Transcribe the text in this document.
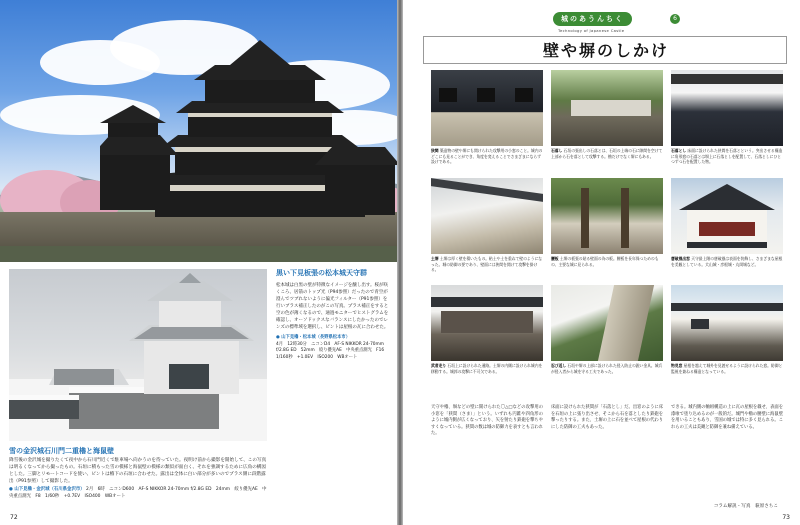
雪の金沢城石川門二重櫓と海鼠壁
降雪後の金沢城を撮りたくて夜中から石川門近くで駐車場へ向かうのを待っていた。夜明け前から撮影を開始して、この写真は明るくなってから撮ったもの。石垣に積もった雪の模様と海鼠壁の模様の類似が面白く、それを強調するために広角の構図とした。三脚とリモートコードを使い、ピントは櫓下の石垣に合わせた。露出は全体に白い部分が多いのでプラス側に段階露出（P91参照）して撮影した。
● 山下見櫓・金沢城（石川県金沢市） 2月　6時　ニコンD600　AF-S NIKKOR 24-70mm f/2.8G ED　24mm　絞り優先AE　中央重点測光　F8　1/60秒　+0.7EV　ISO400　WBオート
黒い下見板張の松本城天守群
松本城は白黒の壁が特徴なイメージを醸し出す。桜が咲くころ、居箭のトップ光（P94参照）だったので青空が澄んでツブれないように偏光フィルター（P91参照）を行いブラス補正したのがこの写真。プラス補正をすると空の色が薄くなるので、通過モニターでヒストグラムを確認し、オーソドックスなバランスにしたかったのでレンズの標準域を選択し、ピントは屋根の瓦に合わせた。
● 山下見櫓・松本城（長野県松本市）
4月　12時30分　ニコンD4　AF-S NIKKOR 24-70mm f/2.8G ED　52mm　絞り優先AE　中央重点測光　F16　1/160秒　+1.0EV　ISO200　WBオート
72
城のあうんちく	6
Technology of Japanese Castle
壁や塀のしかけ
狭間 築造物の壁や塀にも開けられた攻撃用の小窓のこと。城内のどこにも見ることができ、角度を変えることでさまざまにならず設けである。
石落し 石垣の張出しの石落とは、石垣の上端の石に隙間を空けて上部から石を落として攻撃する。櫓だけでなく塀にもある。
石落とし 床面に設けられた狭間を石落とという。突出させる構造に角形窓の石落とは塀上に石落としを配置して、石落としにひとつずつ石を配置した物。
土塀 土塀は厚く壁を積いたもの。粘土や土を重ねて壁のようになった。城の防御の要であり、壁面には狭間を開けて攻撃を掛ける。
腰板 土塀の板張の貼る壁面の為の板。腰板を長年保つためのもの、主要な城に見られる。
唐破風出窓 天守最上階の唐破風は表面を装飾し、さまざまな屋根を美観としている。犬山城・彦根城・丸岡城など。
武者走り 石垣上に設けられた通路。土塀の内側に設けられ城内を移動する。城郭の攻撃に不可欠である。
忍び返し 石垣や塀の上部に設けられた侵入防止の鋭い金具。城兵が侵入者から城を守る工夫であった。
物見窓 屋根を越えて城外を見渡せるように設けられた窓。防御と監視を兼ねる構造となっている。
天守や櫓、塀などの壁に開けられた〇△□などの攻撃用の小窓を「狭間（さま）」という。いずれも円錐や四角形のように城内側が広くなっており、矢を射たり鉄砲を撃ちやすくなっている。狭間の数は城の防御力を表すとも言われた。
床面に設けられた狭間が「石落とし」だ。出窓のように床を石垣の上に張り出させ、そこから石を落としたり鉄砲を撃ったりする。また、土塀の上に石を並べて屋根の代わりにした防御の工夫もあった。
できる。城内側の軸組構造の上に瓦の屋根を載せ、表面を漆喰で塗り込めるのが一般的だ。城門や櫓の腰壁に海鼠壁を用いることもあり、雪国の城では特に多く見られる。これらの工夫は美観と防御を兼ね備えている。
コラム解説・写真　萩原さちこ
73
